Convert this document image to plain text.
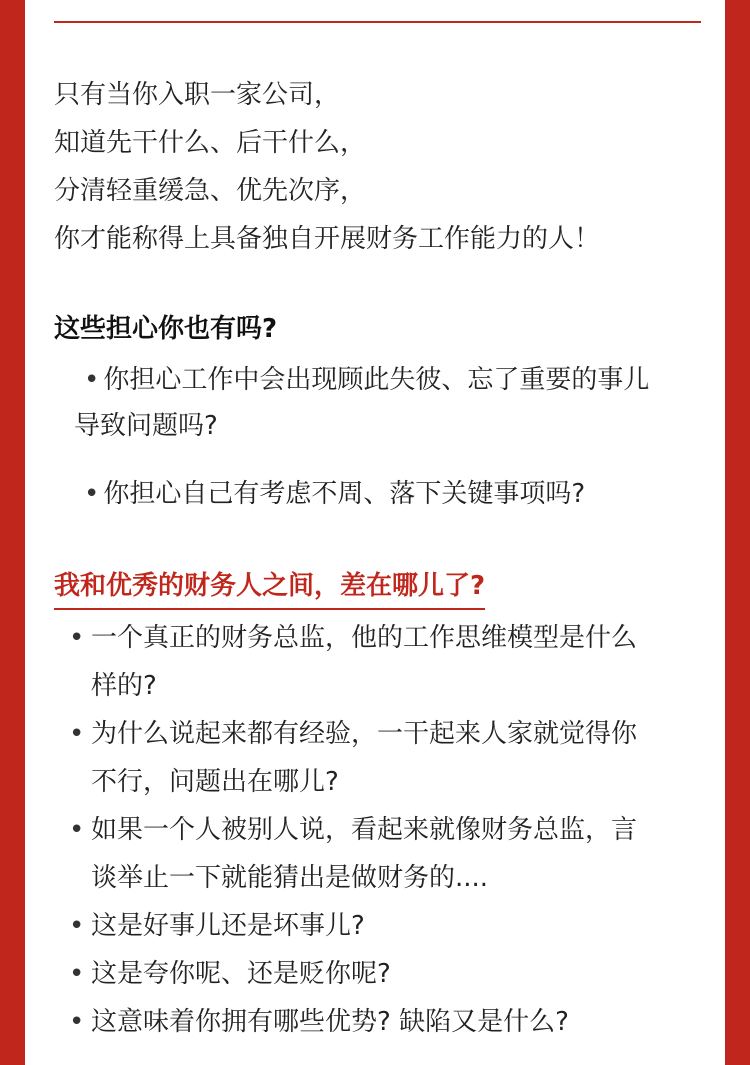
只有当你入职一家公司，

知道先干什么、后干什么，

分清轻重缓急、优先次序，

你才能称得上具备独自开展财务工作能力的人！

这些担心你也有吗?
• 你担心工作中会出现顾此失彼、忘了重要的事儿
导致问题吗?
• 你担心自己有考虑不周、落下关键事项吗?
我和优秀的财务人之间，差在哪儿了?
• 一个真正的财务总监，他的工作思维模型是什么
样的?
• 为什么说起来都有经验，一干起来人家就觉得你
不行，问题出在哪儿?
• 如果一个人被别人说，看起来就像财务总监，言
谈举止一下就能猜出是做财务的....
• 这是好事儿还是坏事儿?
• 这是夸你呢、还是贬你呢?
• 这意味着你拥有哪些优势? 缺陷又是什么?
